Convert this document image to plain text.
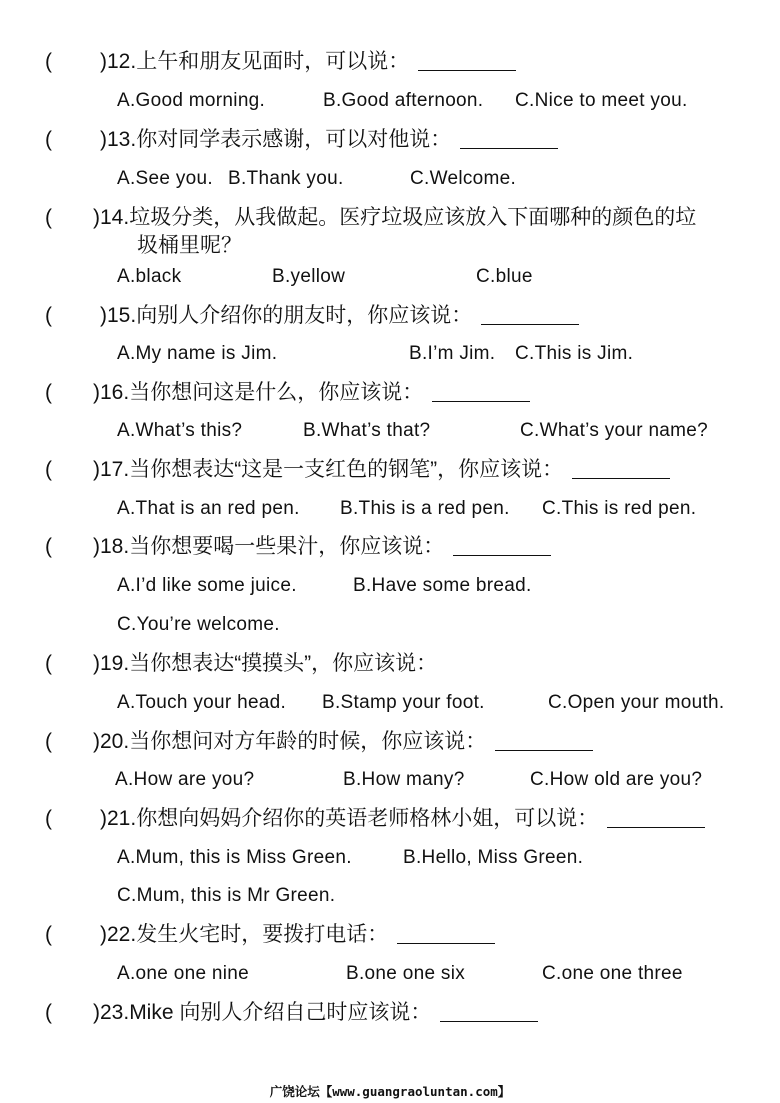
( )12.上午和朋友见面时，可以说：
A.Good morning.	B.Good afternoon. C.Nice to meet you.
( )13.你对同学表示感谢，可以对他说：
A.See you. B.Thank you.	C.Welcome.
( )14.垃圾分类，从我做起。医疗垃圾应该放入下面哪种的颜色的垃
圾桶里呢？
A.black	B.yellow	C.blue
( )15.向别人介绍你的朋友时，你应该说：
A.My name is Jim.	B.I’m Jim. C.This is Jim.
( )16.当你想问这是什么，你应该说：
A.What’s this?	B.What’s that?	C.What’s your name?
( )17.当你想表达“这是一支红色的钢笔”，你应该说：
A.That is an red pen. B.This is a red pen. C.This is red pen.
( )18.当你想要喝一些果汁，你应该说：
A.I’d like some juice.	B.Have some bread.
C.You’re welcome.
( )19.当你想表达“摸摸头”，你应该说：
A.Touch your head. B.Stamp your foot.	C.Open your mouth.
( )20.当你想问对方年龄的时候，你应该说：
A.How are you?	B.How many?	C.How old are you?
( )21.你想向妈妈介绍你的英语老师格林小姐，可以说：
A.Mum, this is Miss Green.	B.Hello, Miss Green.
C.Mum, this is Mr Green.
( )22.发生火宅时，要拨打电话：
A.one one nine	B.one one six	C.one one three
( )23.Mike 向别人介绍自己时应该说：
广饶论坛【www.guangraoluntan.com】
